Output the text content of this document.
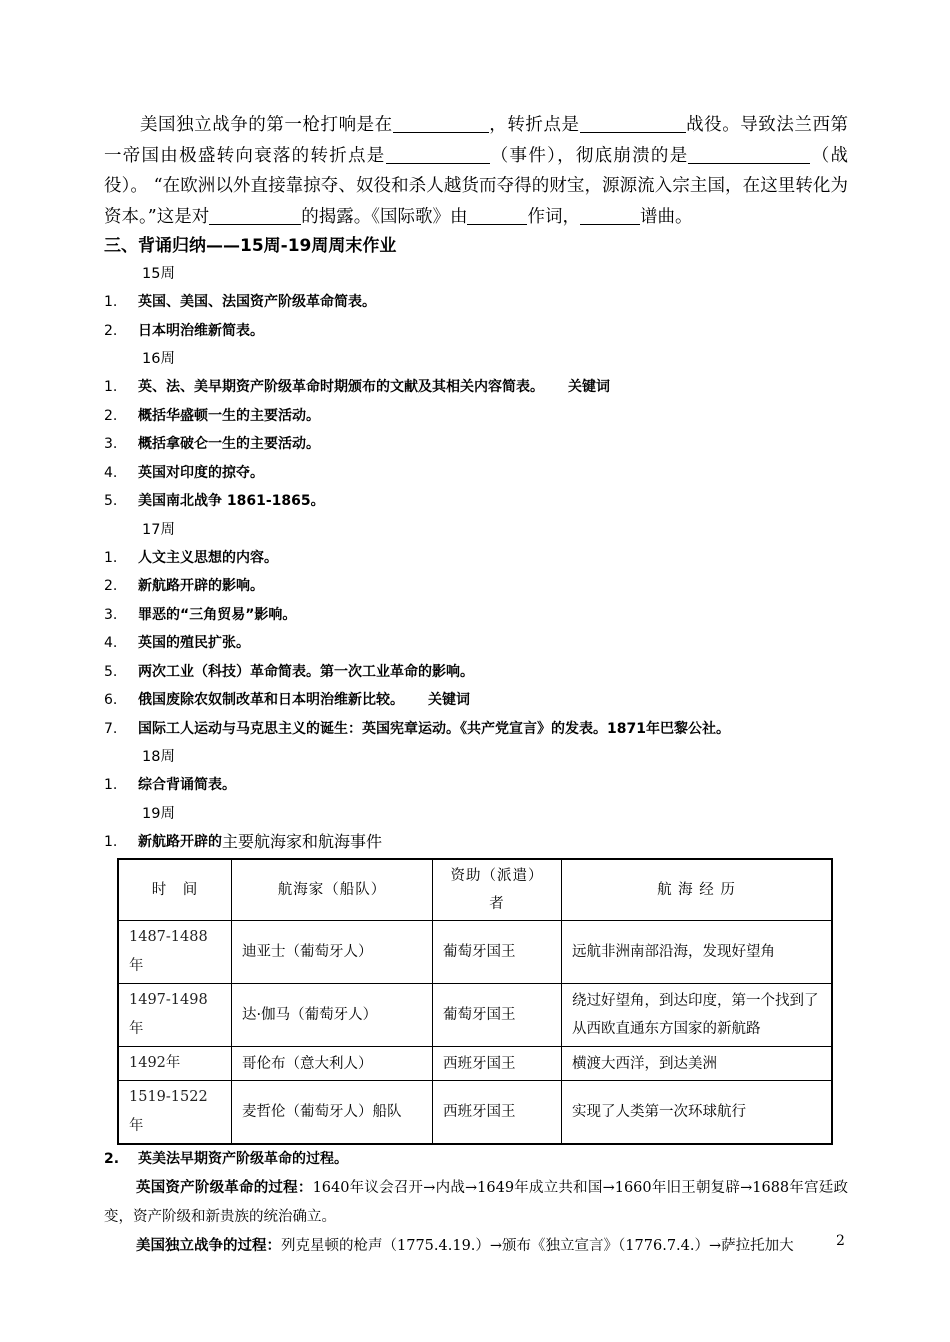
美国独立战争的第一枪打响是在	，转折点是	战役。导致法兰西第一帝国由极盛转向衰落的转折点是	（事件），彻底崩溃的是	（战役）。 “在欧洲以外直接靠掠夺、奴役和杀人越货而夺得的财宝，源源流入宗主国，在这里转化为资本。”这是对	的揭露。《国际歌》由	作词，	谱曲。

三、背诵归纳——15周-19周周末作业

15周

1.	英国、美国、法国资产阶级革命简表。

2.	日本明治维新简表。

16周

1.	英、法、美早期资产阶级革命时期颁布的文献及其相关内容简表。 关键词

2.	概括华盛顿一生的主要活动。

3.	概括拿破仑一生的主要活动。

4.	英国对印度的掠夺。

5.	美国南北战争 1861-1865。

17周

1.	人文主义思想的内容。

2.	新航路开辟的影响。

3.	罪恶的“三角贸易”影响。

4.	英国的殖民扩张。

5.	两次工业（科技）革命简表。第一次工业革命的影响。

6.	俄国废除农奴制改革和日本明治维新比较。 关键词

7.	国际工人运动与马克思主义的诞生：英国宪章运动。《共产党宣言》的发表。1871年巴黎公社。

18周

1.	综合背诵简表。

19周

1.	新航路开辟的 主要航海家和航海事件

时　间	航海家（船队）	资助（派遣）者	航 海 经 历
1487-1488年	迪亚士（葡萄牙人）	葡萄牙国王	远航非洲南部沿海，发现好望角
1497-1498年	达·伽马（葡萄牙人）	葡萄牙国王	绕过好望角，到达印度，第一个找到了从西欧直通东方国家的新航路
1492年	哥伦布（意大利人）	西班牙国王	横渡大西洋，到达美洲
1519-1522年	麦哲伦（葡萄牙人）船队	西班牙国王	实现了人类第一次环球航行

2.	英美法早期资产阶级革命的过程。

英国资产阶级革命的过程：1640年议会召开→内战→1649年成立共和国→1660年旧王朝复辟→1688年宫廷政变，资产阶级和新贵族的统治确立。

美国独立战争的过程：列克星顿的枪声（1775.4.19.）→颁布《独立宣言》（1776.7.4.）→萨拉托加大	2
